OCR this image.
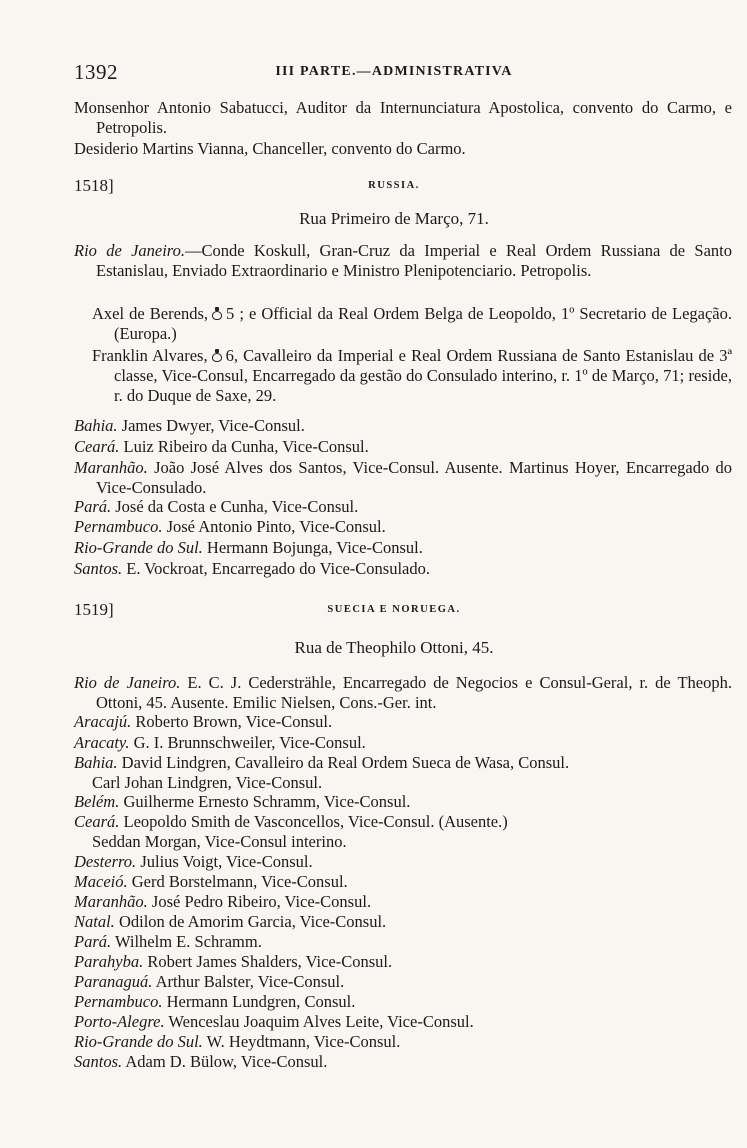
1392	III PARTE.—ADMINISTRATIVA
Monsenhor Antonio Sabatucci, Auditor da Internunciatura Apostolica, convento do Carmo, e Petropolis.
Desiderio Martins Vianna, Chanceller, convento do Carmo.
1518]	RUSSIA.
Rua Primeiro de Março, 71.
Rio de Janeiro.—Conde Koskull, Gran-Cruz da Imperial e Real Ordem Russiana de Santo Estanislau, Enviado Extraordinario e Ministro Plenipotenciario. Petropolis.
Axel de Berends, 5 ; e Official da Real Ordem Belga de Leopoldo, 1º Secretario de Legação. (Europa.)
Franklin Alvares, 6, Cavalleiro da Imperial e Real Ordem Russiana de Santo Estanislau de 3ª classe, Vice-Consul, Encarregado da gestão do Consulado interino, r. 1º de Março, 71; reside, r. do Duque de Saxe, 29.
Bahia. James Dwyer, Vice-Consul.
Ceará. Luiz Ribeiro da Cunha, Vice-Consul.
Maranhão. João José Alves dos Santos, Vice-Consul. Ausente. Martinus Hoyer, Encarregado do Vice-Consulado.
Pará. José da Costa e Cunha, Vice-Consul.
Pernambuco. José Antonio Pinto, Vice-Consul.
Rio-Grande do Sul. Hermann Bojunga, Vice-Consul.
Santos. E. Vockroat, Encarregado do Vice-Consulado.
1519]	SUECIA E NORUEGA.
Rua de Theophilo Ottoni, 45.
Rio de Janeiro. E. C. J. Cedersträhle, Encarregado de Negocios e Consul-Geral, r. de Theoph. Ottoni, 45. Ausente. Emilic Nielsen, Cons.-Ger. int.
Aracajú. Roberto Brown, Vice-Consul.
Aracaty. G. I. Brunnschweiler, Vice-Consul.
Bahia. David Lindgren, Cavalleiro da Real Ordem Sueca de Wasa, Consul.
Carl Johan Lindgren, Vice-Consul.
Belém. Guilherme Ernesto Schramm, Vice-Consul.
Ceará. Leopoldo Smith de Vasconcellos, Vice-Consul. (Ausente.)
Seddan Morgan, Vice-Consul interino.
Desterro. Julius Voigt, Vice-Consul.
Maceió. Gerd Borstelmann, Vice-Consul.
Maranhão. José Pedro Ribeiro, Vice-Consul.
Natal. Odilon de Amorim Garcia, Vice-Consul.
Pará. Wilhelm E. Schramm.
Parahyba. Robert James Shalders, Vice-Consul.
Paranaguá. Arthur Balster, Vice-Consul.
Pernambuco. Hermann Lundgren, Consul.
Porto-Alegre. Wenceslau Joaquim Alves Leite, Vice-Consul.
Rio-Grande do Sul. W. Heydtmann, Vice-Consul.
Santos. Adam D. Bülow, Vice-Consul.
